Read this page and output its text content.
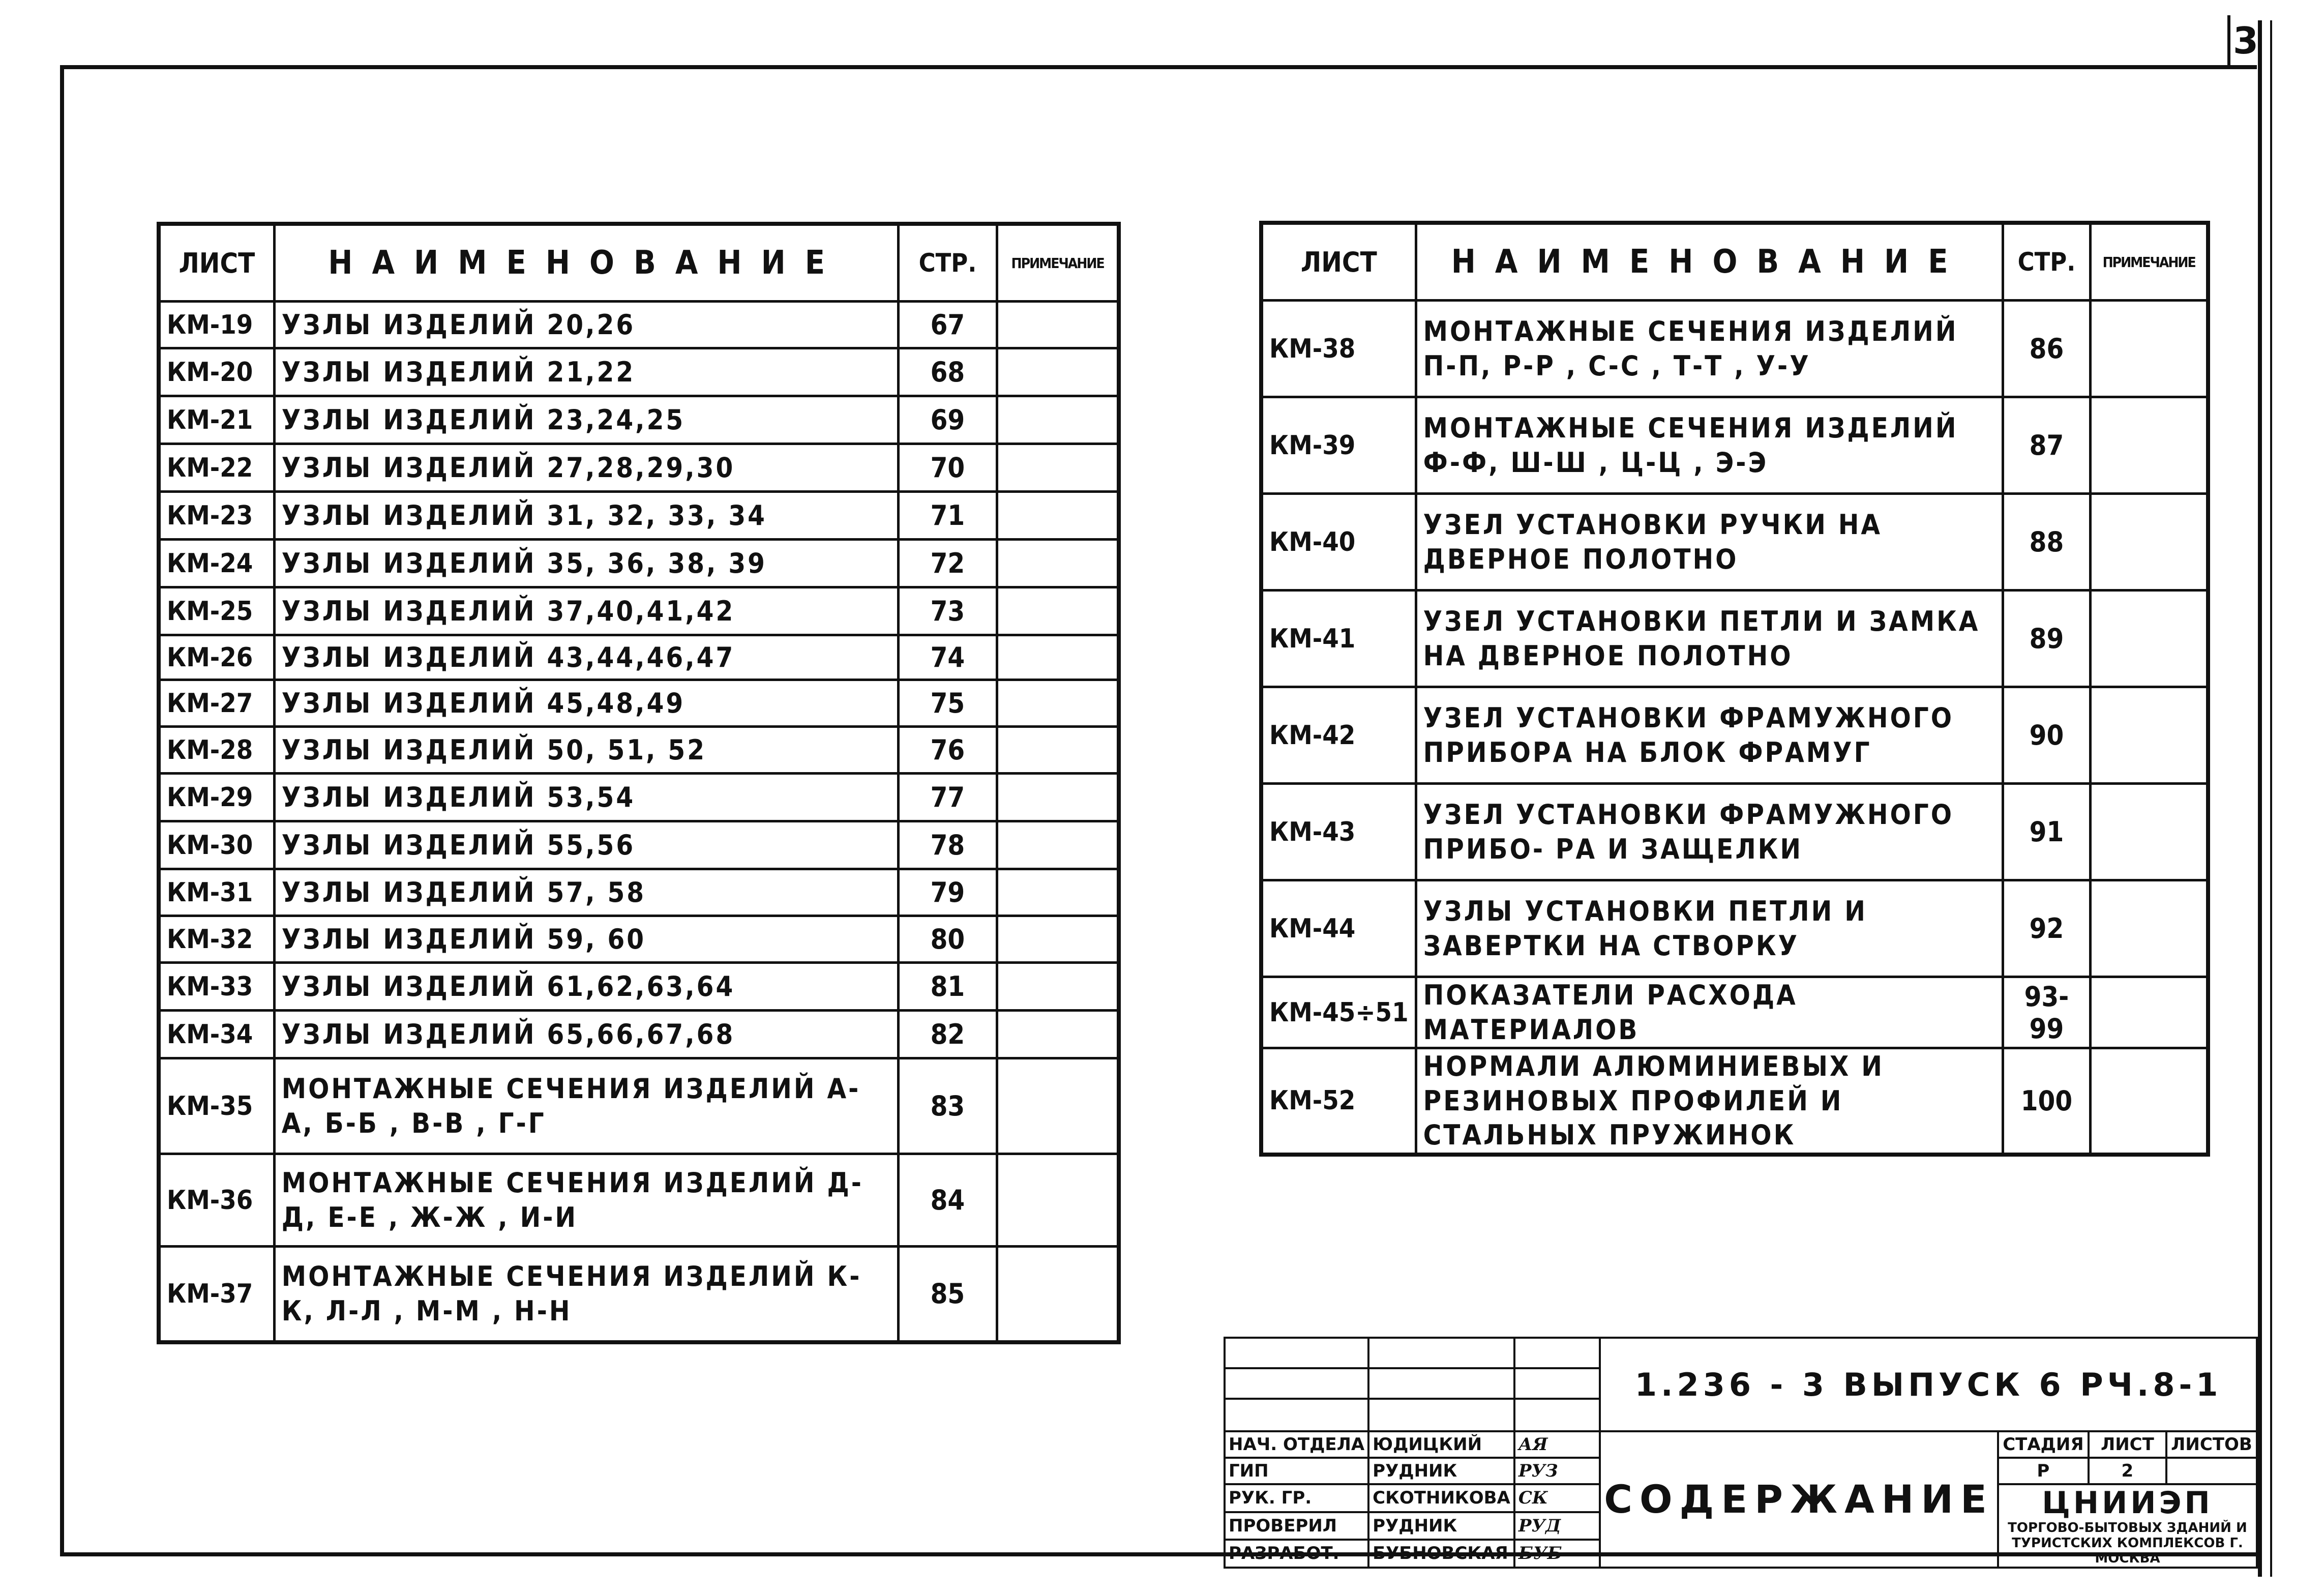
3
ЛИСТ	НАИМЕНОВАНИЕ	СТР.	ПРИМЕЧАНИЕ
КМ-19	УЗЛЫ ИЗДЕЛИЙ 20,26	67	
КМ-20	УЗЛЫ ИЗДЕЛИЙ 21,22	68	
КМ-21	УЗЛЫ ИЗДЕЛИЙ 23,24,25	69	
КМ-22	УЗЛЫ ИЗДЕЛИЙ 27,28,29,30	70	
КМ-23	УЗЛЫ ИЗДЕЛИЙ 31, 32, 33, 34	71	
КМ-24	УЗЛЫ ИЗДЕЛИЙ 35, 36, 38, 39	72	
КМ-25	УЗЛЫ ИЗДЕЛИЙ 37,40,41,42	73	
КМ-26	УЗЛЫ ИЗДЕЛИЙ 43,44,46,47	74	
КМ-27	УЗЛЫ ИЗДЕЛИЙ 45,48,49	75	
КМ-28	УЗЛЫ ИЗДЕЛИЙ 50, 51, 52	76	
КМ-29	УЗЛЫ ИЗДЕЛИЙ 53,54	77	
КМ-30	УЗЛЫ ИЗДЕЛИЙ 55,56	78	
КМ-31	УЗЛЫ ИЗДЕЛИЙ 57, 58	79	
КМ-32	УЗЛЫ ИЗДЕЛИЙ 59, 60	80	
КМ-33	УЗЛЫ ИЗДЕЛИЙ 61,62,63,64	81	
КМ-34	УЗЛЫ ИЗДЕЛИЙ 65,66,67,68	82	
КМ-35	МОНТАЖНЫЕ СЕЧЕНИЯ ИЗДЕЛИЙ А-А, Б-Б , В-В , Г-Г	83	
КМ-36	МОНТАЖНЫЕ СЕЧЕНИЯ ИЗДЕЛИЙ Д-Д, Е-Е , Ж-Ж , И-И	84	
КМ-37	МОНТАЖНЫЕ СЕЧЕНИЯ ИЗДЕЛИЙ К-К, Л-Л , М-М , Н-Н	85	
ЛИСТ	НАИМЕНОВАНИЕ	СТР.	ПРИМЕЧАНИЕ
КМ-38	МОНТАЖНЫЕ СЕЧЕНИЯ ИЗДЕЛИЙ П-П, Р-Р , С-С , Т-Т , У-У	86	
КМ-39	МОНТАЖНЫЕ СЕЧЕНИЯ ИЗДЕЛИЙ Ф-Ф, Ш-Ш , Ц-Ц , Э-Э	87	
КМ-40	УЗЕЛ УСТАНОВКИ РУЧКИ НА ДВЕРНОЕ ПОЛОТНО	88	
КМ-41	УЗЕЛ УСТАНОВКИ ПЕТЛИ И ЗАМКА НА ДВЕРНОЕ ПОЛОТНО	89	
КМ-42	УЗЕЛ УСТАНОВКИ ФРАМУЖНОГО ПРИБОРА НА БЛОК ФРАМУГ	90	
КМ-43	УЗЕЛ УСТАНОВКИ ФРАМУЖНОГО ПРИБО- РА И ЗАЩЕЛКИ	91	
КМ-44	УЗЛЫ УСТАНОВКИ ПЕТЛИ И ЗАВЕРТКИ НА СТВОРКУ	92	
КМ-45÷51	ПОКАЗАТЕЛИ РАСХОДА МАТЕРИАЛОВ	93-99	
КМ-52	НОРМАЛИ АЛЮМИНИЕВЫХ И РЕЗИНОВЫХ ПРОФИЛЕЙ И СТАЛЬНЫХ ПРУЖИНОК	100	
			1.236 - 3 ВЫПУСК 6 РЧ.8-1			

НАЧ. ОТДЕЛА	ЮДИЦКИЙ	АЯ	СОДЕРЖАНИЕ	СТАДИЯ	ЛИСТ	ЛИСТОВ
ГИП	РУДНИК	РУЗ		Р	2	
РУК. ГР.	СКОТНИКОВА	СК		ЦНИИЭП
ТОРГОВО-БЫТОВЫХ ЗДАНИЙ И ТУРИСТСКИХ КОМПЛЕКСОВ Г. МОСКВА		

ПРОВЕРИЛ	РУДНИК	РУД				
РАЗРАБОТ.	БУБНОВСКАЯ	БУБ				
